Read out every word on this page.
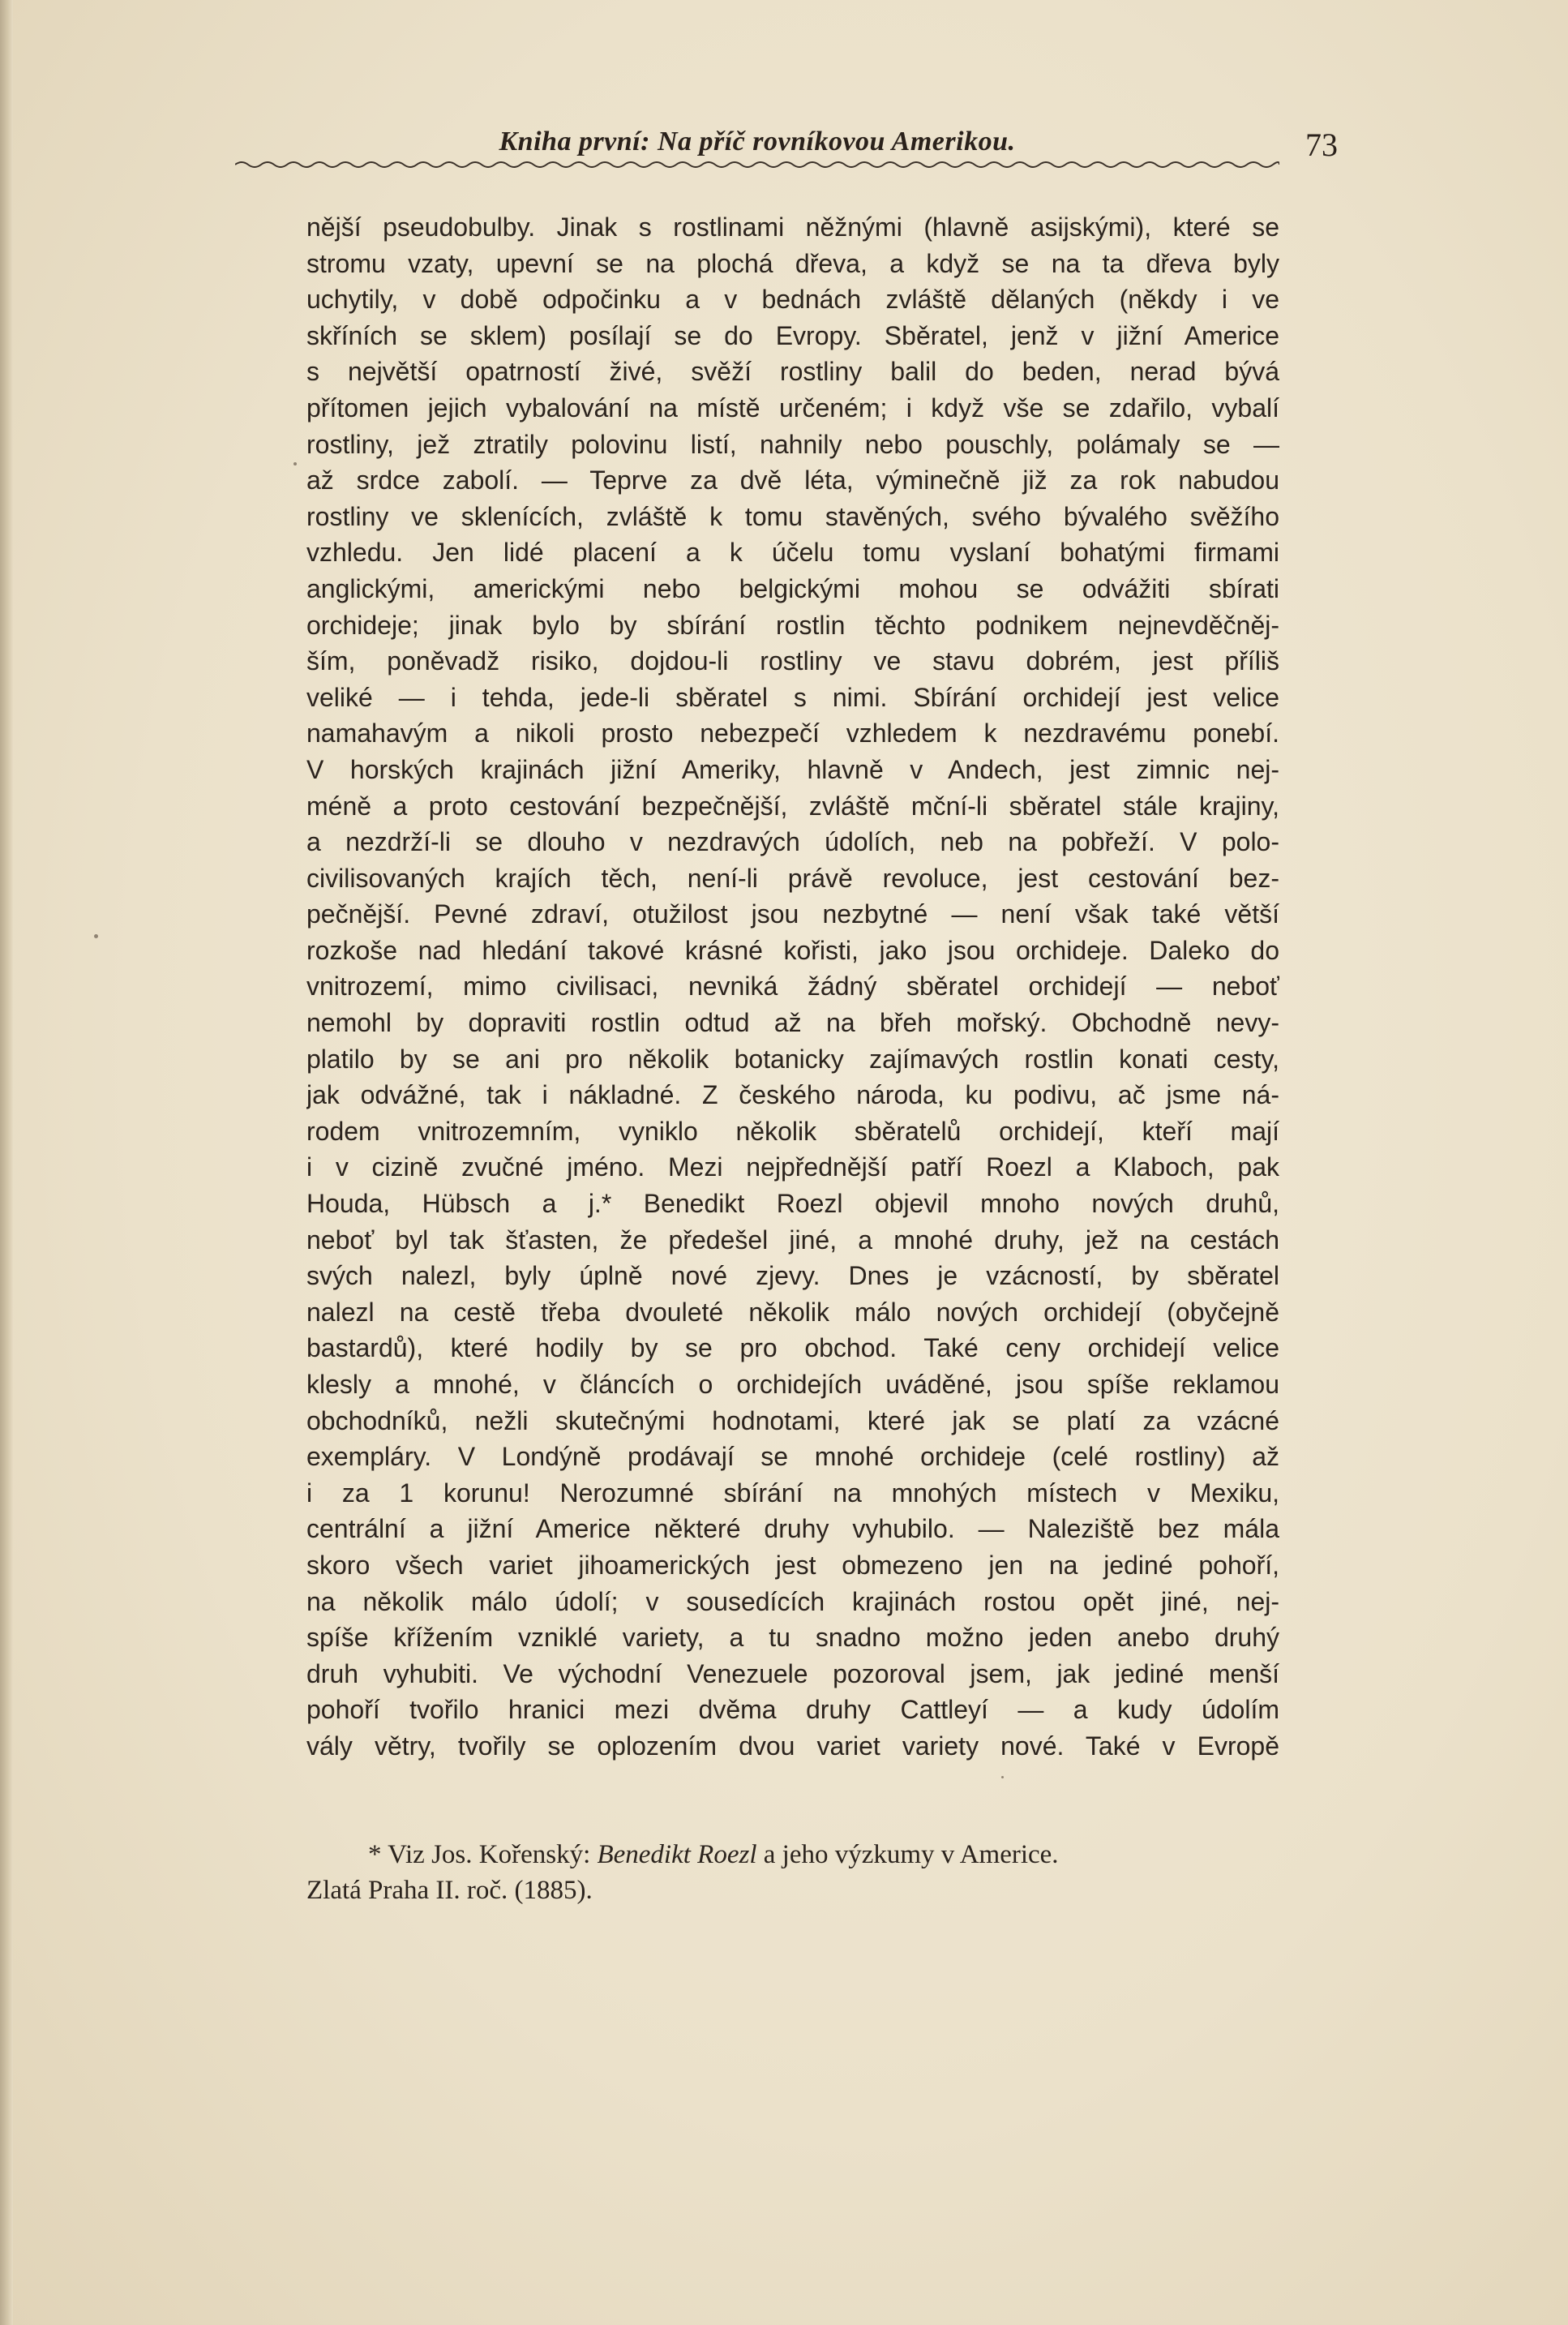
Kniha první: Na příč rovníkovou Amerikou.	73
nější pseudobulby. Jinak s rostlinami něžnými (hlavně asijskými), které se
stromu vzaty, upevní se na plochá dřeva, a když se na ta dřeva byly
uchytily, v době odpočinku a v bednách zvláště dělaných (někdy i ve
skříních se sklem) posílají se do Evropy. Sběratel, jenž v jižní Americe
s největší opatrností živé, svěží rostliny balil do beden, nerad bývá
přítomen jejich vybalování na místě určeném; i když vše se zdařilo, vybalí
rostliny, jež ztratily polovinu listí, nahnily nebo pouschly, polámaly se —
až srdce zabolí. — Teprve za dvě léta, výminečně již za rok nabudou
rostliny ve sklenících, zvláště k tomu stavěných, svého bývalého svěžího
vzhledu. Jen lidé placení a k účelu tomu vyslaní bohatými firmami
anglickými, americkými nebo belgickými mohou se odvážiti sbírati
orchideje; jinak bylo by sbírání rostlin těchto podnikem nejnevděčněj-
ším, poněvadž risiko, dojdou-li rostliny ve stavu dobrém, jest příliš
veliké — i tehda, jede-li sběratel s nimi. Sbírání orchidejí jest velice
namahavým a nikoli prosto nebezpečí vzhledem k nezdravému ponebí.
V horských krajinách jižní Ameriky, hlavně v Andech, jest zimnic nej-
méně a proto cestování bezpečnější, zvláště mční-li sběratel stále krajiny,
a nezdrží-li se dlouho v nezdravých údolích, neb na pobřeží. V polo-
civilisovaných krajích těch, není-li právě revoluce, jest cestování bez-
pečnější. Pevné zdraví, otužilost jsou nezbytné — není však také větší
rozkoše nad hledání takové krásné kořisti, jako jsou orchideje. Daleko do
vnitrozemí, mimo civilisaci, nevniká žádný sběratel orchidejí — neboť
nemohl by dopraviti rostlin odtud až na břeh mořský. Obchodně nevy-
platilo by se ani pro několik botanicky zajímavých rostlin konati cesty,
jak odvážné, tak i nákladné. Z českého národa, ku podivu, ač jsme ná-
rodem vnitrozemním, vyniklo několik sběratelů orchidejí, kteří mají
i v cizině zvučné jméno. Mezi nejpřednější patří Roezl a Klaboch, pak
Houda, Hübsch a j.* Benedikt Roezl objevil mnoho nových druhů,
neboť byl tak šťasten, že předešel jiné, a mnohé druhy, jež na cestách
svých nalezl, byly úplně nové zjevy. Dnes je vzácností, by sběratel
nalezl na cestě třeba dvouleté několik málo nových orchidejí (obyčejně
bastardů), které hodily by se pro obchod. Také ceny orchidejí velice
klesly a mnohé, v článcích o orchidejích uváděné, jsou spíše reklamou
obchodníků, nežli skutečnými hodnotami, které jak se platí za vzácné
exempláry. V Londýně prodávají se mnohé orchideje (celé rostliny) až
i za 1 korunu! Nerozumné sbírání na mnohých místech v Mexiku,
centrální a jižní Americe některé druhy vyhubilo. — Naleziště bez mála
skoro všech variet jihoamerických jest obmezeno jen na jediné pohoří,
na několik málo údolí; v sousedících krajinách rostou opět jiné, nej-
spíše křížením vzniklé variety, a tu snadno možno jeden anebo druhý
druh vyhubiti. Ve východní Venezuele pozoroval jsem, jak jediné menší
pohoří tvořilo hranici mezi dvěma druhy Cattleyí — a kudy údolím
vály větry, tvořily se oplozením dvou variet variety nové. Také v Evropě
* Viz Jos. Kořenský: Benedikt Roezl a jeho výzkumy v Americe.
Zlatá Praha II. roč. (1885).
